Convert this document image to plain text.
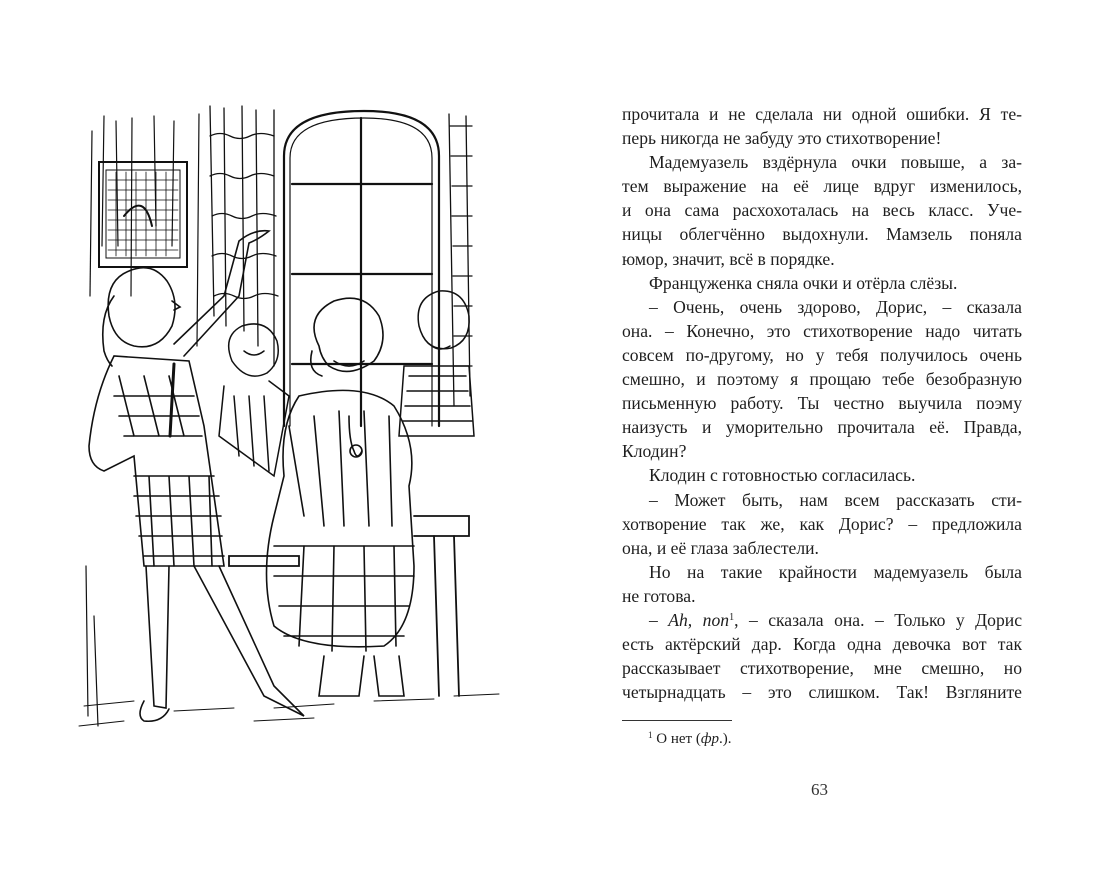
прочитала и не сделала ни одной ошибки. Я те-
перь никогда не забуду это стихотворение!
Мадемуазель вздёрнула очки повыше, а за-
тем выражение на её лице вдруг изменилось,
и она сама расхохоталась на весь класс. Уче-
ницы облегчённо выдохнули. Мамзель поняла
юмор, значит, всё в порядке.
Француженка сняла очки и отёрла слёзы.
– Очень, очень здорово, Дорис, – сказала
она. – Конечно, это стихотворение надо читать
совсем по-другому, но у тебя получилось очень
смешно, и поэтому я прощаю тебе безобразную
письменную работу. Ты честно выучила поэму
наизусть и уморительно прочитала её. Правда,
Клодин?
Клодин с готовностью согласилась.
– Может быть, нам всем рассказать сти-
хотворение так же, как Дорис? – предложила
она, и её глаза заблестели.
Но на такие крайности мадемуазель была
не готова.
– Ah, non$^1$, – сказала она. – Только у Дорис
есть актёрский дар. Когда одна девочка вот так
рассказывает стихотворение, мне смешно, но
четырнадцать – это слишком. Так! Взгляните
$^1$ О нет (фр.).
63
